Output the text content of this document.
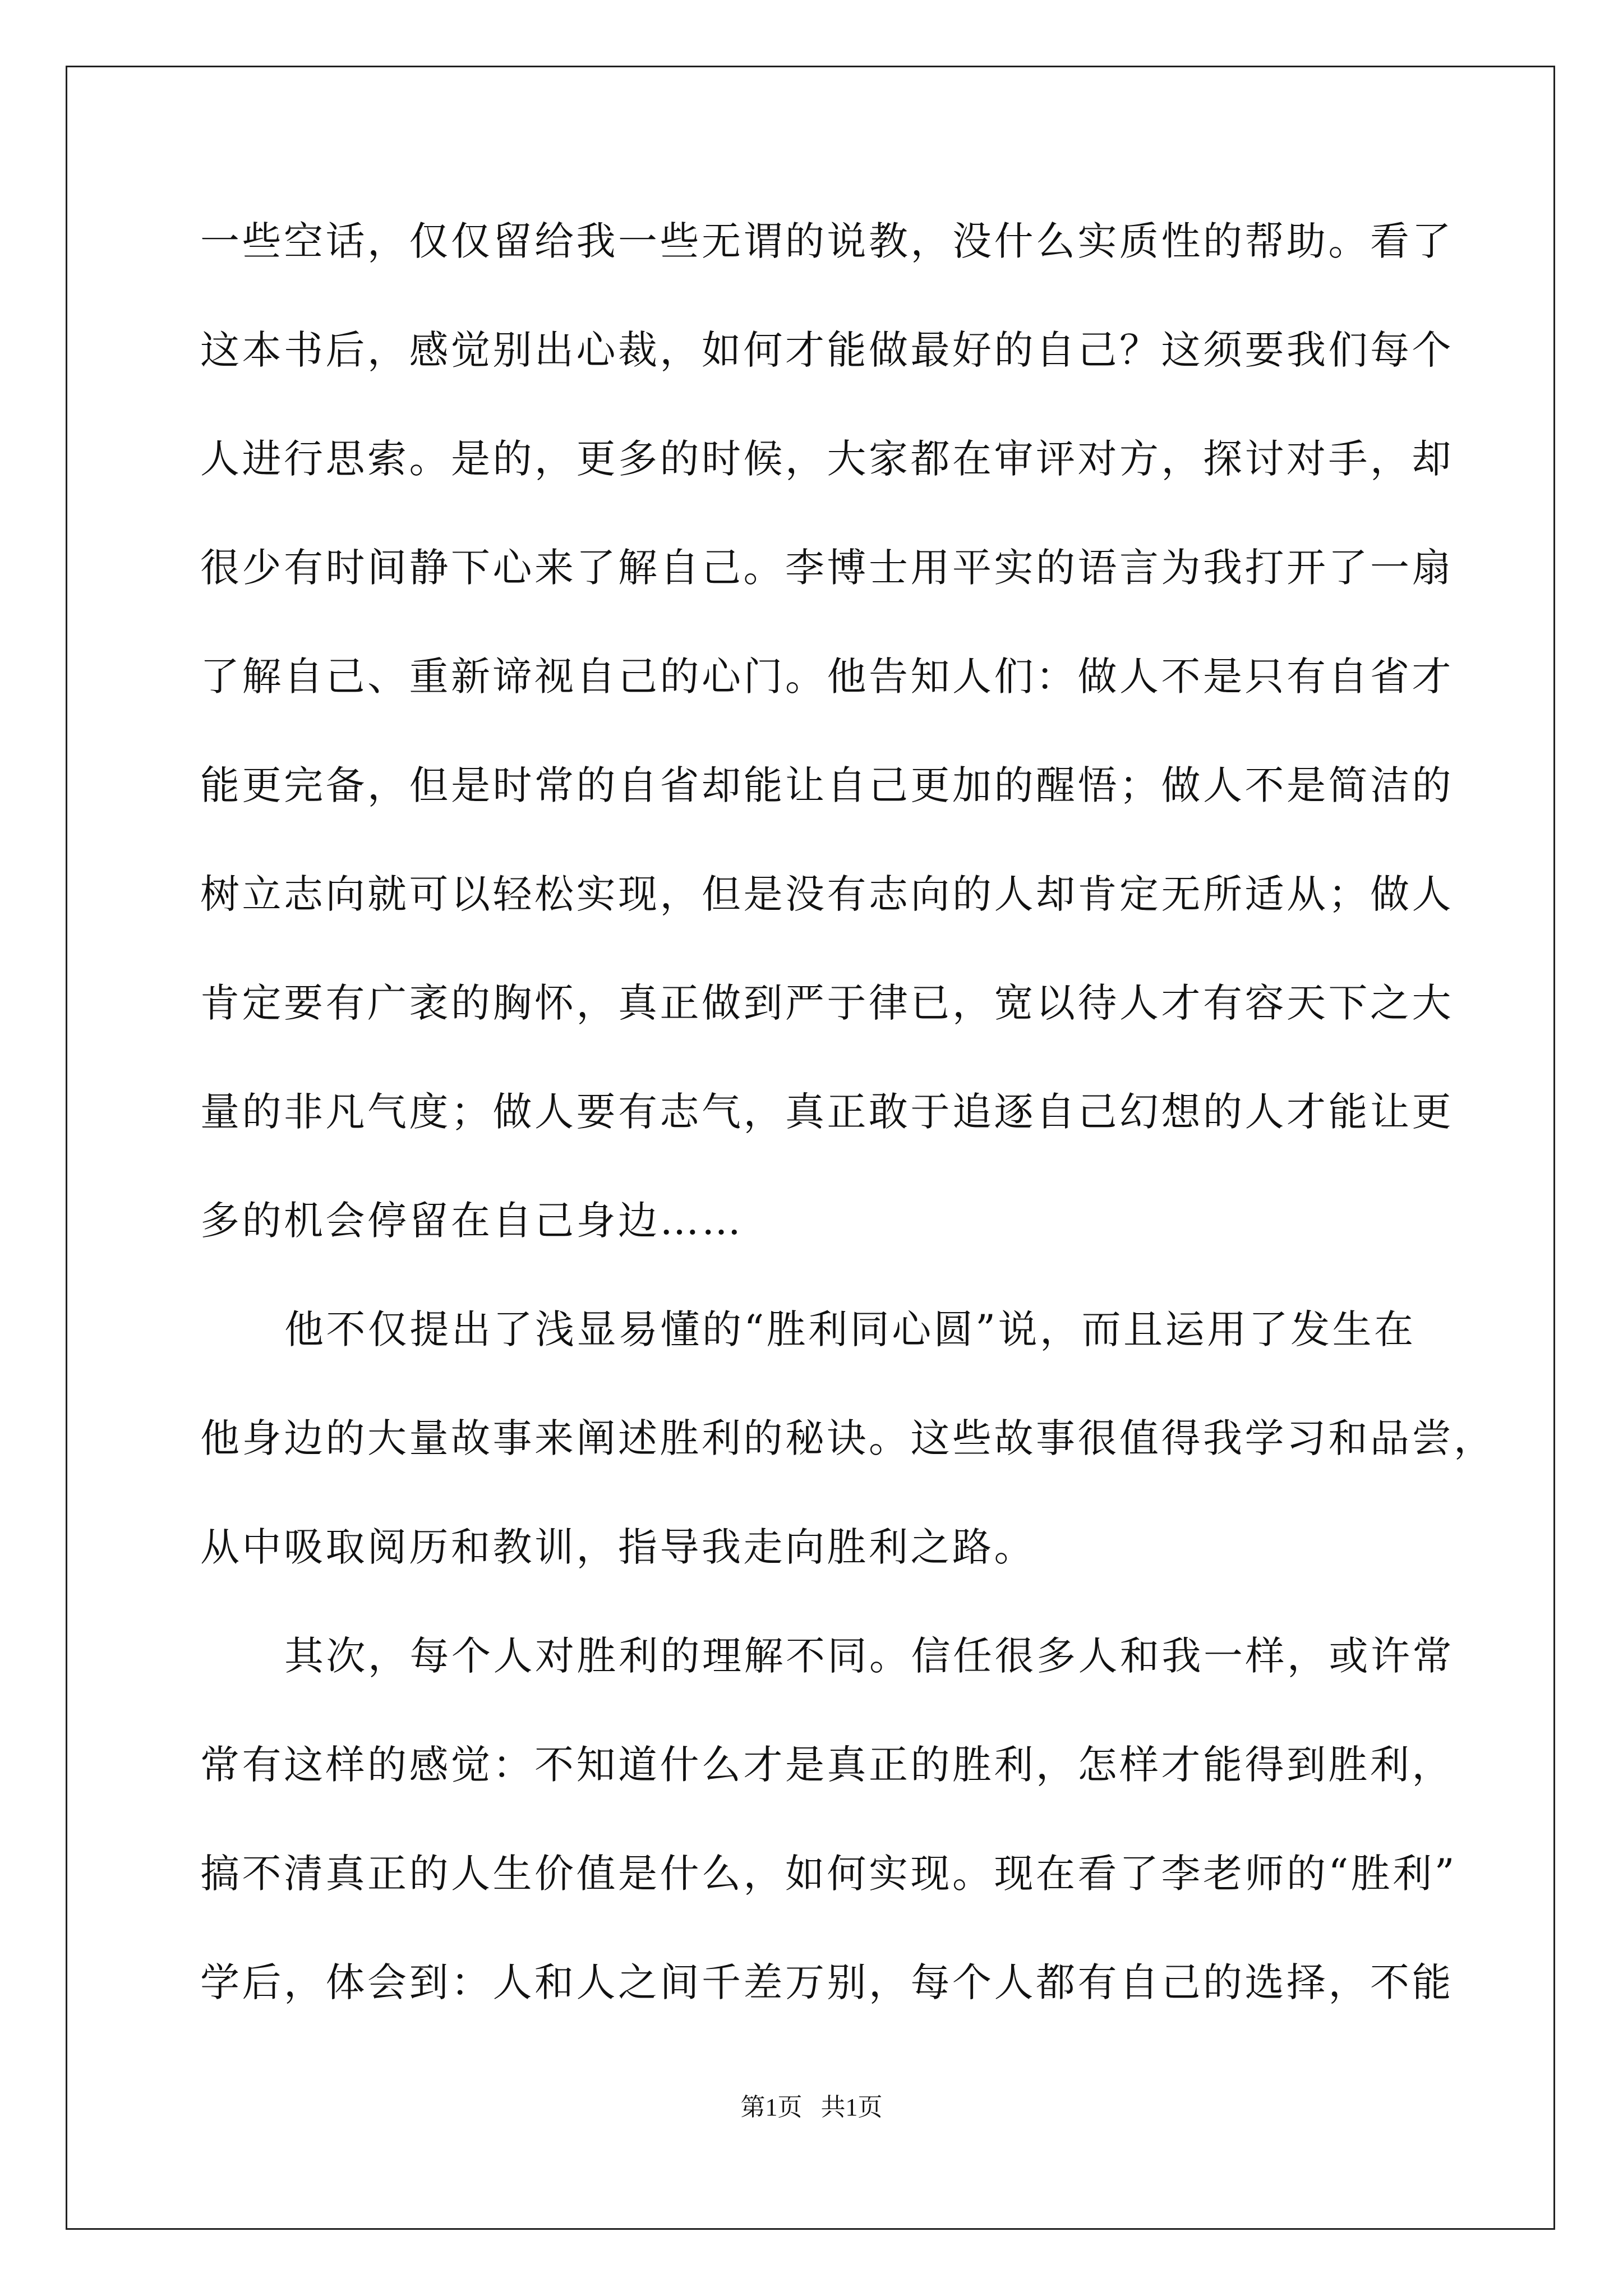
一些空话，仅仅留给我一些无谓的说教，没什么实质性的帮助。看了
这本书后，感觉别出心裁，如何才能做最好的自己？这须要我们每个
人进行思索。是的，更多的时候，大家都在审评对方，探讨对手，却
很少有时间静下心来了解自己。李博士用平实的语言为我打开了一扇
了解自己、重新谛视自己的心门。他告知人们：做人不是只有自省才
能更完备，但是时常的自省却能让自己更加的醒悟；做人不是简洁的
树立志向就可以轻松实现，但是没有志向的人却肯定无所适从；做人
肯定要有广袤的胸怀，真正做到严于律已，宽以待人才有容天下之大
量的非凡气度；做人要有志气，真正敢于追逐自己幻想的人才能让更
多的机会停留在自己身边……
他不仅提出了浅显易懂的“胜利同心圆”说，而且运用了发生在
他身边的大量故事来阐述胜利的秘诀。这些故事很值得我学习和品尝，
从中吸取阅历和教训，指导我走向胜利之路。
其次，每个人对胜利的理解不同。信任很多人和我一样，或许常
常有这样的感觉：不知道什么才是真正的胜利，怎样才能得到胜利，
搞不清真正的人生价值是什么，如何实现。现在看了李老师的“胜利”
学后，体会到：人和人之间千差万别，每个人都有自己的选择，不能
第1页   共1页
